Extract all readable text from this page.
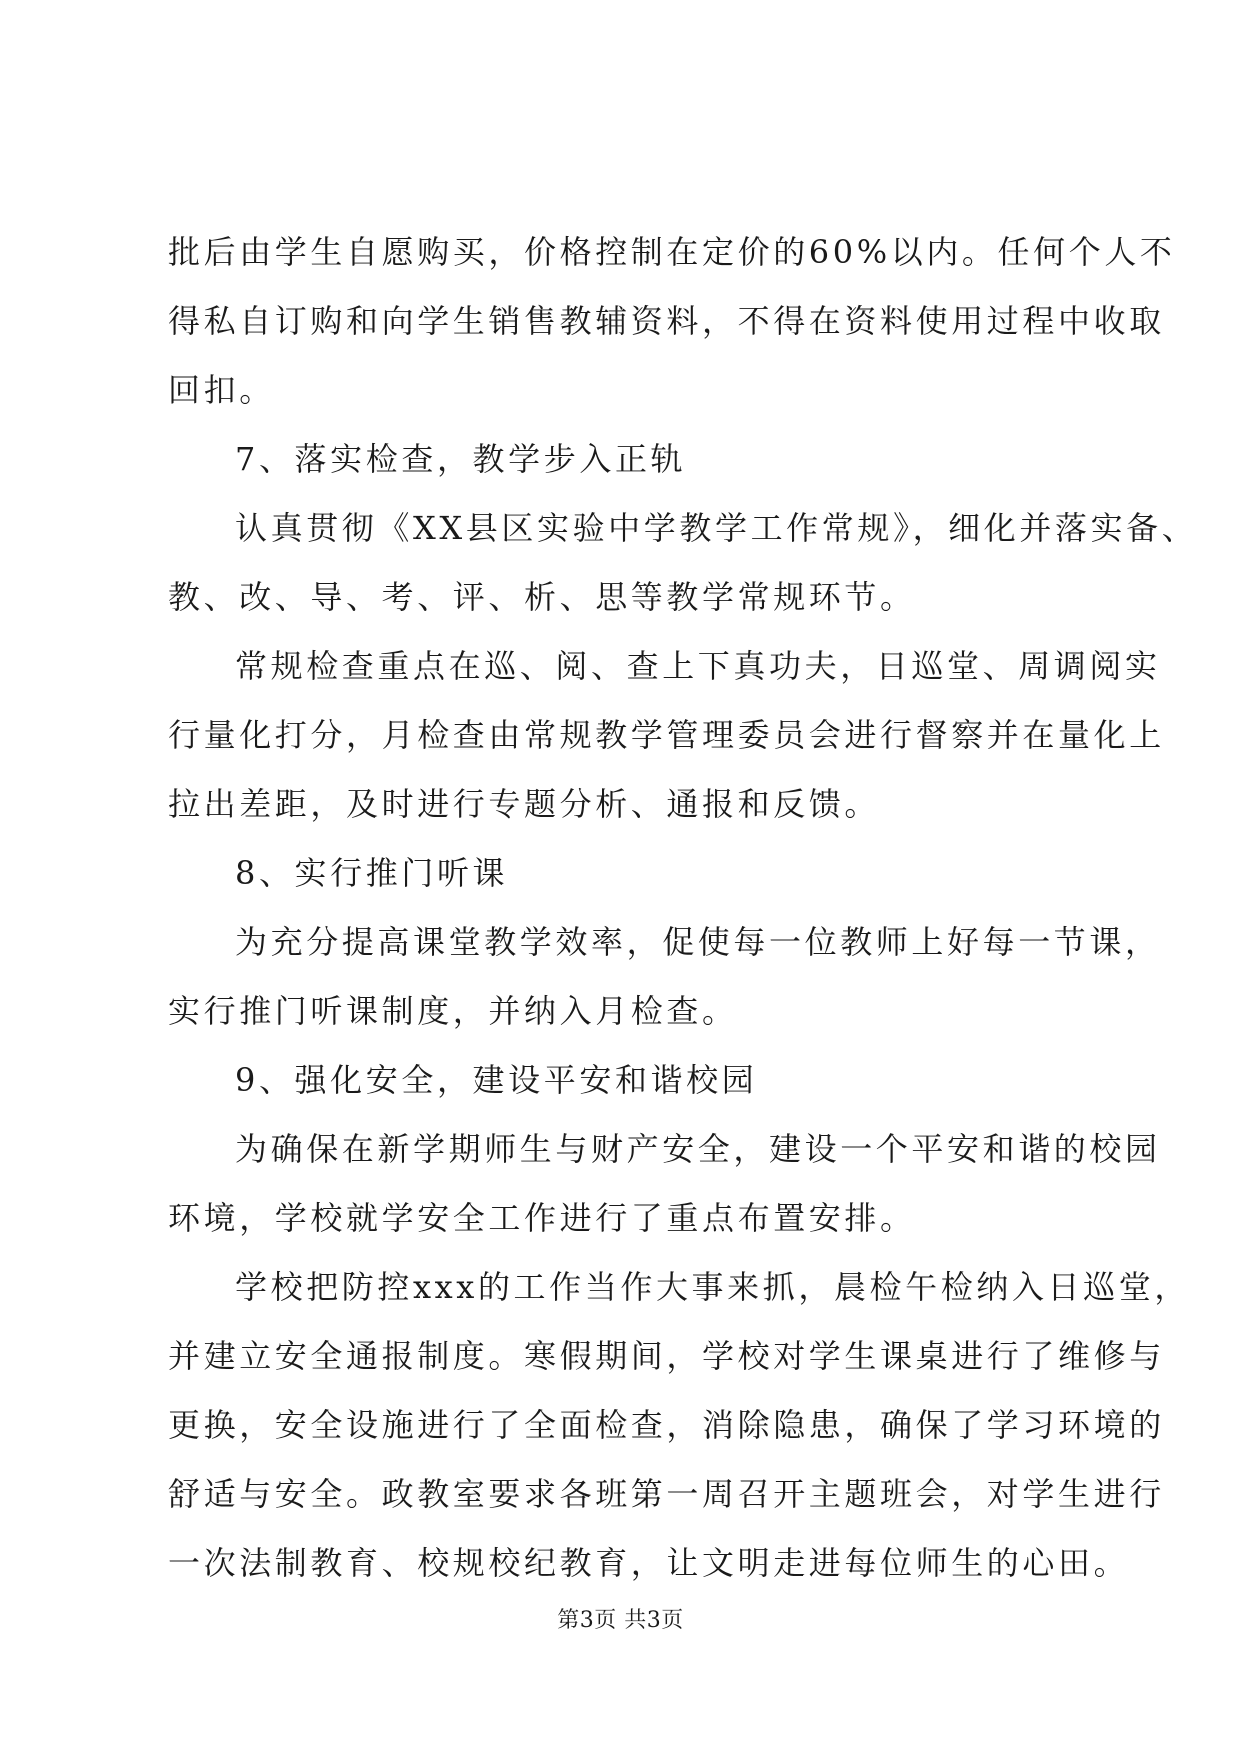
批后由学生自愿购买，价格控制在定价的60%以内。任何个人不
得私自订购和向学生销售教辅资料，不得在资料使用过程中收取
回扣。
7、落实检查，教学步入正轨
认真贯彻《XX县区实验中学教学工作常规》，细化并落实备、
教、改、导、考、评、析、思等教学常规环节。
常规检查重点在巡、阅、查上下真功夫，日巡堂、周调阅实
行量化打分，月检查由常规教学管理委员会进行督察并在量化上
拉出差距，及时进行专题分析、通报和反馈。
8、实行推门听课
为充分提高课堂教学效率，促使每一位教师上好每一节课，
实行推门听课制度，并纳入月检查。
9、强化安全，建设平安和谐校园
为确保在新学期师生与财产安全，建设一个平安和谐的校园
环境，学校就学安全工作进行了重点布置安排。
学校把防控xxx的工作当作大事来抓，晨检午检纳入日巡堂，
并建立安全通报制度。寒假期间，学校对学生课桌进行了维修与
更换，安全设施进行了全面检查，消除隐患，确保了学习环境的
舒适与安全。政教室要求各班第一周召开主题班会，对学生进行
一次法制教育、校规校纪教育，让文明走进每位师生的心田。
第3页 共3页
